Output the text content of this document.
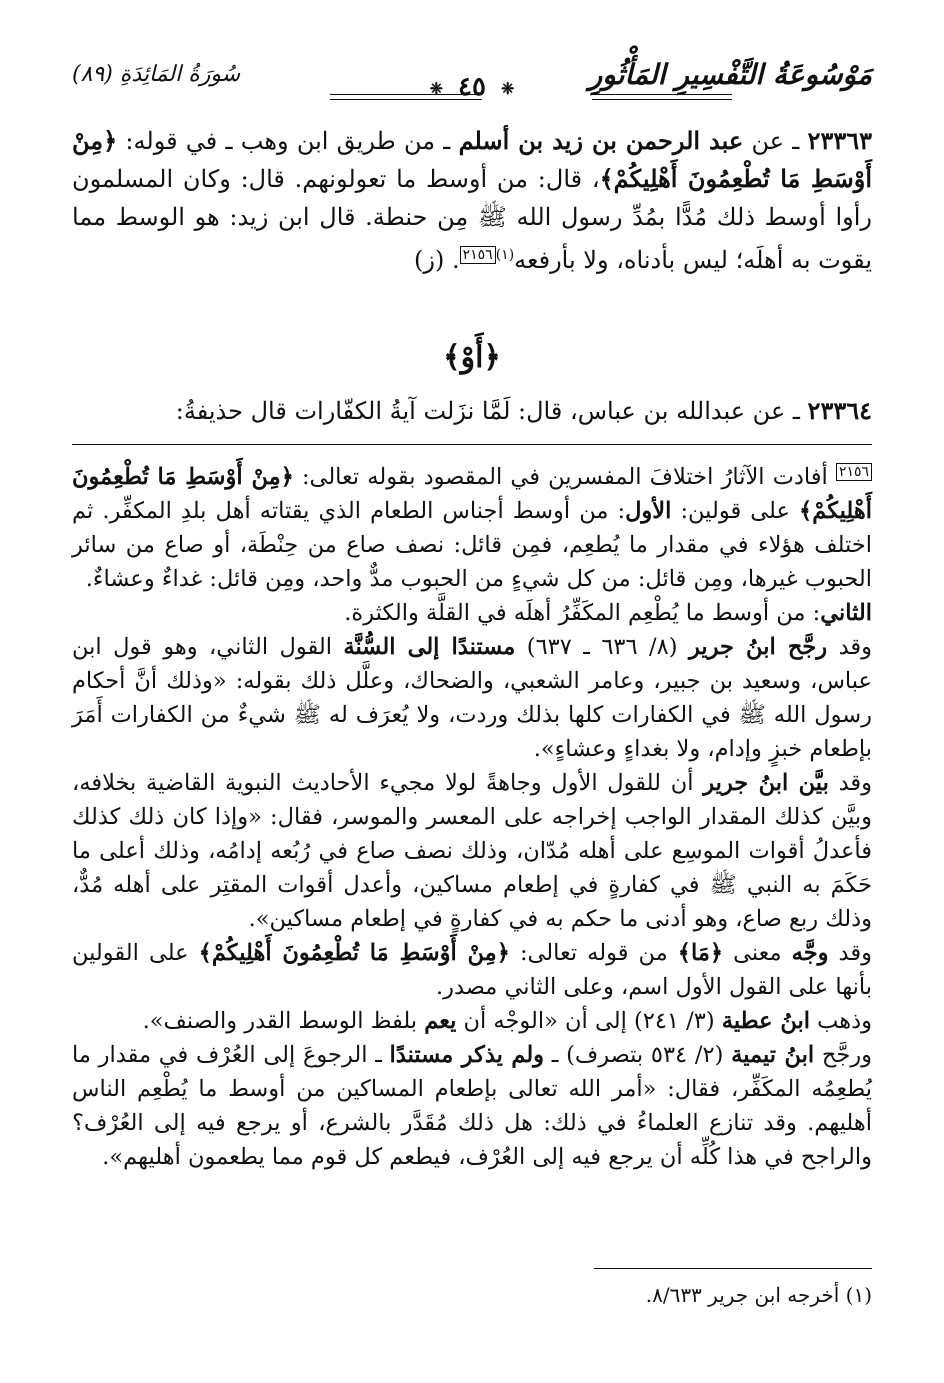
مَوْسُوعَةُ التَّفْسِيرِ المَأْثُورِ
❈ ٤٥ ❈
سُورَةُ المَائِدَةِ (٨٩)
٢٣٣٦٣ ـ عن عبد الرحمن بن زيد بن أسلم ـ من طريق ابن وهب ـ في قوله: ﴿مِنْ أَوْسَطِ مَا تُطْعِمُونَ أَهْلِيكُمْ﴾، قال: من أوسط ما تعولونهم. قال: وكان المسلمون رأوا أوسط ذلك مُدًّا بمُدِّ رسول الله ﷺ مِن حنطة. قال ابن زيد: هو الوسط مما يقوت به أهلَه؛ ليس بأدناه، ولا بأرفعه$^{(١)}$٢١٥٦. (ز)
﴿أَوْ﴾
٢٣٣٦٤ ـ عن عبدالله بن عباس، قال: لَمَّا نزَلت آيةُ الكفّارات قال حذيفةُ:

٢١٥٦ أفادت الآثارُ اختلافَ المفسرين في المقصود بقوله تعالى: ﴿مِنْ أَوْسَطِ مَا تُطْعِمُونَ أَهْلِيكُمْ﴾ على قولين: الأول: من أوسط أجناس الطعام الذي يقتاته أهل بلدِ المكفِّر. ثم اختلف هؤلاء في مقدار ما يُطعِم، فمِن قائل: نصف صاع من حِنْطَة، أو صاع من سائر الحبوب غيرها، ومِن قائل: من كل شيءٍ من الحبوب مدٌّ واحد، ومِن قائل: غداءٌ وعشاءٌ.

الثاني: من أوسط ما يُطْعِم المكَفِّرُ أهلَه في القلَّة والكثرة.

وقد رجَّح ابنُ جرير (٨/ ٦٣٦ ـ ٦٣٧) مستندًا إلى السُّنَّة القول الثاني، وهو قول ابن عباس، وسعيد بن جبير، وعامر الشعبي، والضحاك، وعلَّل ذلك بقوله: «وذلك أنَّ أحكام رسول الله ﷺ في الكفارات كلها بذلك وردت، ولا يُعرَف له ﷺ شيءٌ من الكفارات أَمَرَ بإطعام خبزٍ وإدام، ولا بغداءٍ وعشاءٍ».

وقد بيَّن ابنُ جرير أن للقول الأول وجاهةً لولا مجيء الأحاديث النبوية القاضية بخلافه، وبيَّن كذلك المقدار الواجب إخراجه على المعسر والموسر، فقال: «وإذا كان ذلك كذلك فأعدلُ أقوات الموسِع على أهله مُدّان، وذلك نصف صاع في رُبُعه إدامُه، وذلك أعلى ما حَكَمَ به النبي ﷺ في كفارةٍ في إطعام مساكين، وأعدل أقوات المقتِر على أهله مُدٌّ، وذلك ربع صاع، وهو أدنى ما حكم به في كفارةٍ في إطعام مساكين».

وقد وجَّه معنى ﴿مَا﴾ من قوله تعالى: ﴿مِنْ أَوْسَطِ مَا تُطْعِمُونَ أَهْلِيكُمْ﴾ على القولين بأنها على القول الأول اسم، وعلى الثاني مصدر.

وذهب ابنُ عطية (٣/ ٢٤١) إلى أن «الوجْه أن يعم بلفظ الوسط القدر والصنف».

ورجَّح ابنُ تيمية (٢/ ٥٣٤ بتصرف) ـ ولم يذكر مستندًا ـ الرجوعَ إلى العُرْف في مقدار ما يُطعِمُه المكَفِّر، فقال: «أمر الله تعالى بإطعام المساكين من أوسط ما يُطْعِم الناس أهليهم. وقد تنازع العلماءُ في ذلك: هل ذلك مُقَدَّر بالشرع، أو يرجع فيه إلى العُرْف؟ والراجح في هذا كُلِّه أن يرجع فيه إلى العُرْف، فيطعم كل قوم مما يطعمون أهليهم».

(١) أخرجه ابن جرير ٨/٦٣٣.
